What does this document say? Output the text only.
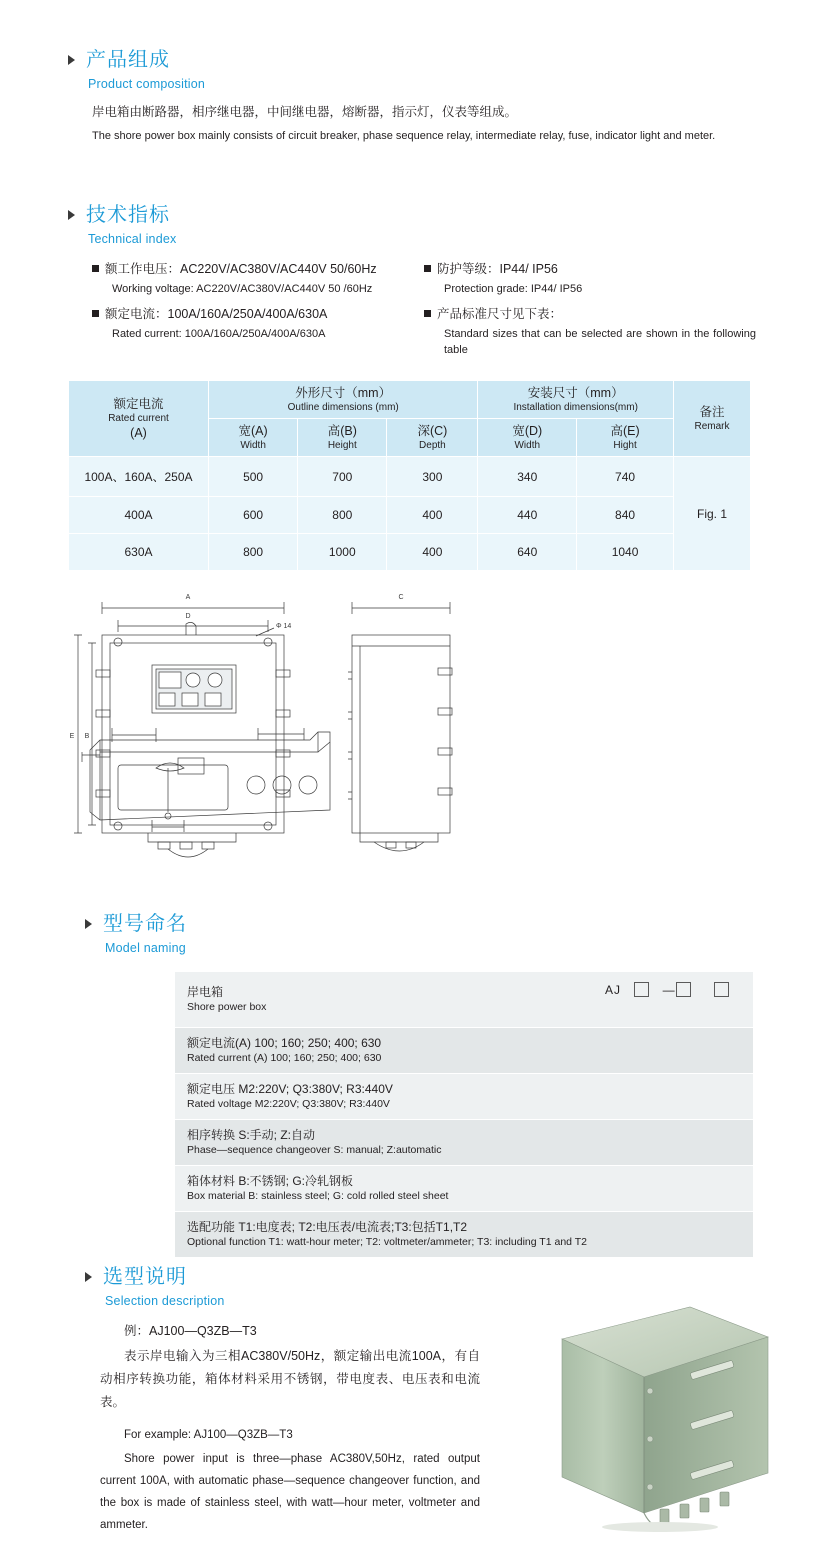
产品组成
Product composition
岸电箱由断路器，相序继电器，中间继电器，熔断器，指示灯，仪表等组成。
The shore power box mainly consists of circuit breaker, phase sequence relay, intermediate relay, fuse, indicator light and meter.
技术指标
Technical index
额工作电压：AC220V/AC380V/AC440V 50/60Hz
Working voltage: AC220V/AC380V/AC440V 50 /60Hz
额定电流：100A/160A/250A/400A/630A
Rated current: 100A/160A/250A/400A/630A
防护等级：IP44/ IP56
Protection grade: IP44/ IP56
产品标准尺寸见下表：
Standard sizes that can be selected are shown in the following table
额定电流
Rated current
(A)	外形尺寸（mm）
Outline dimensions (mm)			安装尺寸（mm）
Installation dimensions(mm)		备注
Remark

	宽(A)
Width	高(B)
Height	深(C)
Depth	宽(D)
Width	高(E)
Hight	

100A、160A、250A	500	700	300	340	740	Fig. 1
400A	600	800	400	440	840	
630A	800	1000	400	640	1040	
A
D
Φ 14
E B
C
型号命名
Model naming
岸电箱
Shore power box
AJ	—
额定电流(A) 100; 160; 250; 400; 630
Rated current (A) 100; 160; 250; 400; 630
额定电压 M2:220V; Q3:380V; R3:440V
Rated voltage M2:220V; Q3:380V; R3:440V
相序转换 S:手动; Z:自动
Phase—sequence changeover S: manual; Z:automatic
箱体材料 B:不锈钢; G:冷轧钢板
Box material B: stainless steel; G: cold rolled steel sheet
选配功能 T1:电度表; T2:电压表/电流表;T3:包括T1,T2
Optional function T1: watt-hour meter; T2: voltmeter/ammeter; T3: including T1 and T2
选型说明
Selection description

例：AJ100—Q3ZB—T3

表示岸电输入为三相AC380V/50Hz，额定输出电流100A，有自动相序转换功能，箱体材料采用不锈钢，带电度表、电压表和电流表。

For example: AJ100—Q3ZB—T3

Shore power input is three—phase AC380V,50Hz, rated output current 100A, with automatic phase—sequence changeover function, and the box is made of stainless steel, with watt—hour meter, voltmeter and ammeter.
